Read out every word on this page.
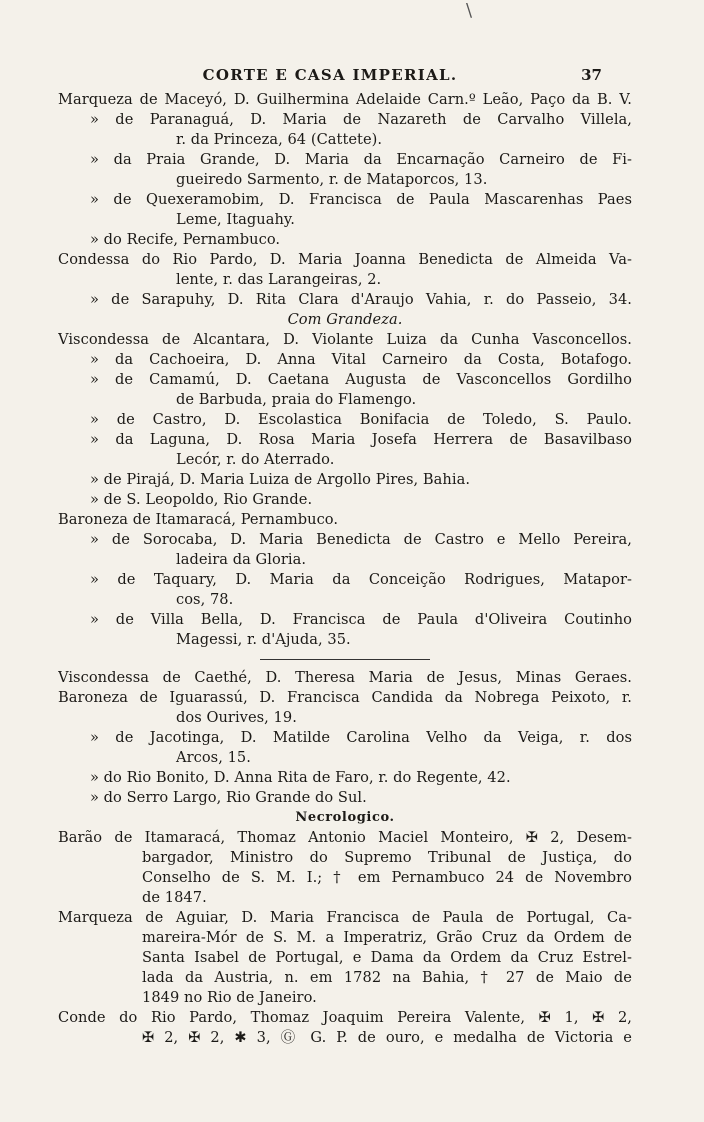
\
CORTE E CASA IMPERIAL.	37
Marqueza de Maceyó, D. Guilhermina Adelaide Carn.º Leão, Paço da B. V.
» de Paranaguá, D. Maria de Nazareth de Carvalho Villela,
r. da Princeza, 64 (Cattete).
» da Praia Grande, D. Maria da Encarnação Carneiro de Fi-
gueiredo Sarmento, r. de Mataporcos, 13.
» de Quexeramobim, D. Francisca de Paula Mascarenhas Paes
Leme, Itaguahy.
» do Recife, Pernambuco.
Condessa do Rio Pardo, D. Maria Joanna Benedicta de Almeida Va-
lente, r. das Larangeiras, 2.
» de Sarapuhy, D. Rita Clara d'Araujo Vahia, r. do Passeio, 34.
Com Grandeza.
Viscondessa de Alcantara, D. Violante Luiza da Cunha Vasconcellos.
» da Cachoeira, D. Anna Vital Carneiro da Costa, Botafogo.
» de Camamú, D. Caetana Augusta de Vasconcellos Gordilho
de Barbuda, praia do Flamengo.
» de Castro, D. Escolastica Bonifacia de Toledo, S. Paulo.
» da Laguna, D. Rosa Maria Josefa Herrera de Basavilbaso
Lecór, r. do Aterrado.
» de Pirajá, D. Maria Luiza de Argollo Pires, Bahia.
» de S. Leopoldo, Rio Grande.
Baroneza de Itamaracá, Pernambuco.
» de Sorocaba, D. Maria Benedicta de Castro e Mello Pereira,
ladeira da Gloria.
» de Taquary, D. Maria da Conceição Rodrigues, Matapor-
cos, 78.
» de Villa Bella, D. Francisca de Paula d'Oliveira Coutinho
Magessi, r. d'Ajuda, 35.
Viscondessa de Caethé, D. Theresa Maria de Jesus, Minas Geraes.
Baroneza de Iguarassú, D. Francisca Candida da Nobrega Peixoto, r.
dos Ourives, 19.
» de Jacotinga, D. Matilde Carolina Velho da Veiga, r. dos
Arcos, 15.
» do Rio Bonito, D. Anna Rita de Faro, r. do Regente, 42.
» do Serro Largo, Rio Grande do Sul.
Necrologico.
Barão de Itamaracá, Thomaz Antonio Maciel Monteiro, ✠ 2, Desem-
bargador, Ministro do Supremo Tribunal de Justiça, do
Conselho de S. M. I.; † em Pernambuco 24 de Novembro
de 1847.
Marqueza de Aguiar, D. Maria Francisca de Paula de Portugal, Ca-
mareira-Mór de S. M. a Imperatriz, Grão Cruz da Ordem de
Santa Isabel de Portugal, e Dama da Ordem da Cruz Estrel-
lada da Austria, n. em 1782 na Bahia, † 27 de Maio de
1849 no Rio de Janeiro.
Conde do Rio Pardo, Thomaz Joaquim Pereira Valente, ✠ 1, ✠ 2,
✠ 2, ✠ 2, ✱ 3, Ⓖ G. P. de ouro, e medalha de Victoria e
